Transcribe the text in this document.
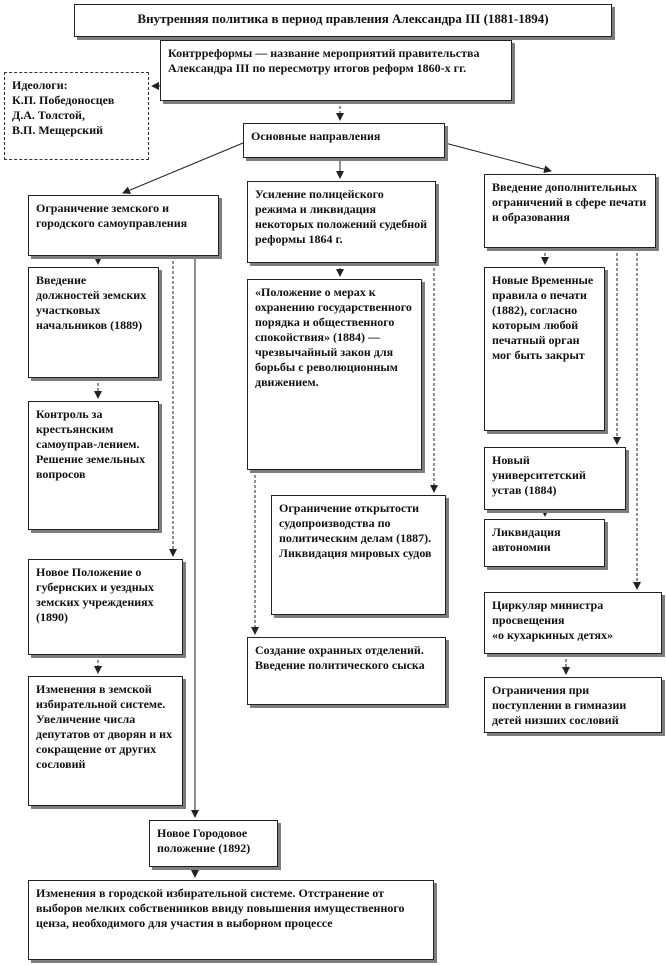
Внутренняя политика в период правления Александра III (1881-1894)
Контрреформы — название мероприятий правительства Александра III по пересмотру итогов реформ 1860-х гг.
Идеологи:
К.П. Победоносцев
Д.А. Толстой,
В.П. Мещерский	Основные направления
Ограничение земского и городского самоуправления
Введение должностей земских участковых начальников (1889)
Контроль за крестьянским самоуправ-лением.
Решение земельных вопросов
Новое Положение о губернских и уездных земских учреждениях (1890)
Изменения в земской избирательной системе. Увеличение числа депутатов от дворян и их сокращение от других сословий
Новое Городовое положение (1892)
Изменения в городской избирательной системе. Отстранение от выборов мелких собственников ввиду повышения имущественного ценза, необходимого для участия в выборном процессе
Усиление полицейского режима и ликвидация некоторых положений судебной реформы 1864 г.
«Положение о мерах к охранению государственного порядка и общественного спокойствия» (1884) — чрезвычайный закон для борьбы с революционным движением.
Ограничение открытости судопроизводства по политическим делам (1887).
Ликвидация мировых судов
Создание охранных отделений. Введение политического сыска
Введение дополнительных ограничений в сфере печати и образования
Новые Временные правила о печати (1882), согласно которым любой печатный орган мог быть закрыт
Новый университетский устав (1884)
Ликвидация автономии
Циркуляр министра просвещения
«о кухаркиных детях»
Ограничения при поступлении в гимназии детей низших сословий
